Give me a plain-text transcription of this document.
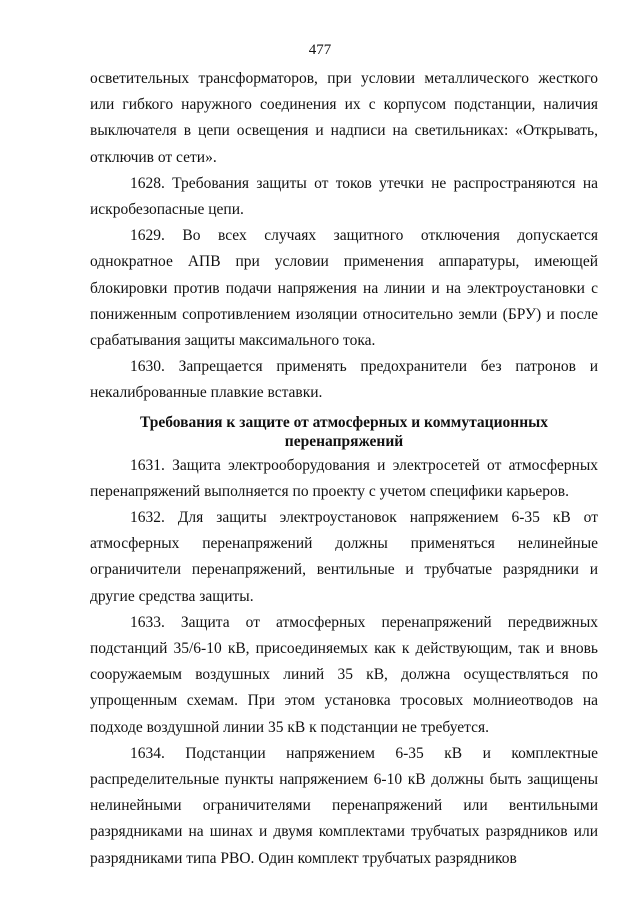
477

осветительных трансформаторов, при условии металлического жесткого или гибкого наружного соединения их с корпусом подстанции, наличия выключателя в цепи освещения и надписи на светильниках: «Открывать, отключив от сети».

1628. Требования защиты от токов утечки не распространяются на искробезопасные цепи.

1629. Во всех случаях защитного отключения допускается однократное АПВ при условии применения аппаратуры, имеющей блокировки против подачи напряжения на линии и на электроустановки с пониженным сопротивлением изоляции относительно земли (БРУ) и после срабатывания защиты максимального тока.

1630. Запрещается применять предохранители без патронов и некалиброванные плавкие вставки.

Требования к защите от атмосферных и коммутационных перенапряжений

1631. Защита электрооборудования и электросетей от атмосферных перенапряжений выполняется по проекту с учетом специфики карьеров.

1632. Для защиты электроустановок напряжением 6-35 кВ от атмосферных перенапряжений должны применяться нелинейные ограничители перенапряжений, вентильные и трубчатые разрядники и другие средства защиты.

1633. Защита от атмосферных перенапряжений передвижных подстанций 35/6-10 кВ, присоединяемых как к действующим, так и вновь сооружаемым воздушных линий 35 кВ, должна осуществляться по упрощенным схемам. При этом установка тросовых молниеотводов на подходе воздушной линии 35 кВ к подстанции не требуется.

1634. Подстанции напряжением 6-35 кВ и комплектные распределительные пункты напряжением 6-10 кВ должны быть защищены нелинейными ограничителями перенапряжений или вентильными разрядниками на шинах и двумя комплектами трубчатых разрядников или разрядниками типа РВО. Один комплект трубчатых разрядников
